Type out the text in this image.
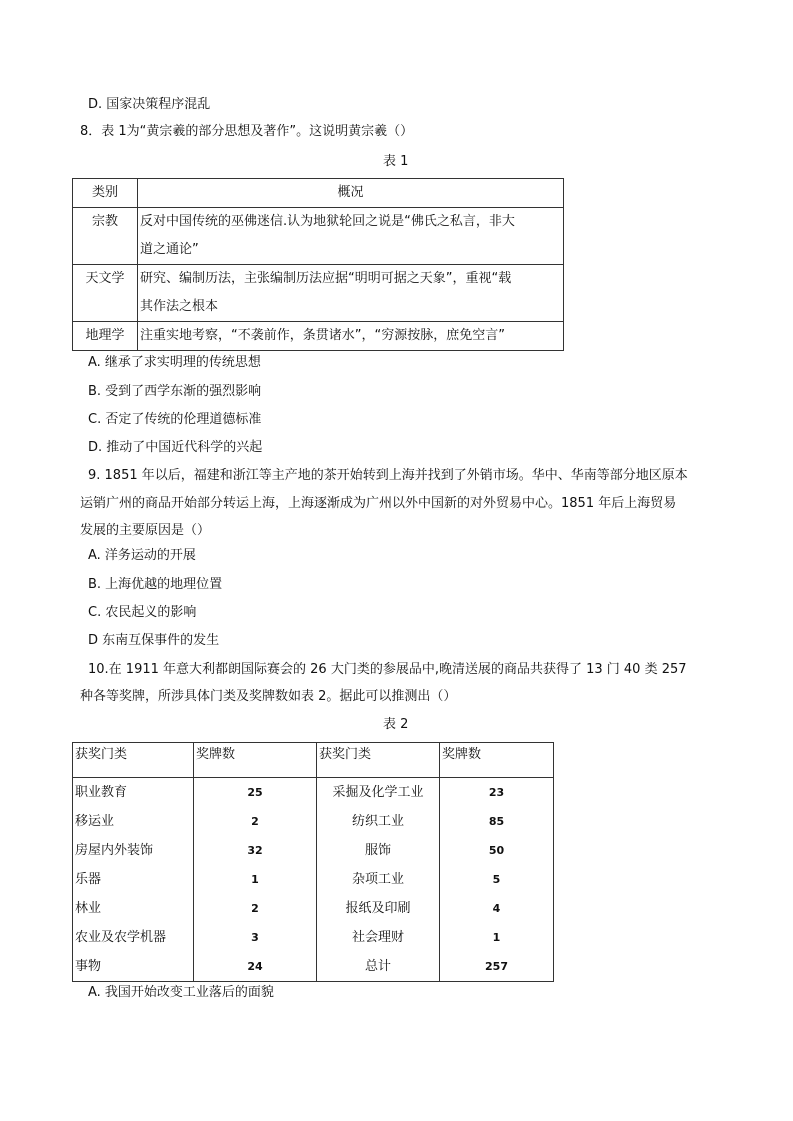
D. 国家决策程序混乱
8．表 1为“黄宗羲的部分思想及著作”。这说明黄宗羲（）
表 1
类别	概况
宗教	反对中国传统的巫佛迷信.认为地狱轮回之说是“佛氏之私言，非大
道之通论”

天文学	研究、编制历法，主张编制历法应据“明明可据之天象”，重视“载
其作法之根本

地理学	注重实地考察，“不袭前作，条贯诸水”，“穷源按脉，庶免空言”
A. 继承了求实明理的传统思想
B. 受到了西学东渐的强烈影响
C. 否定了传统的伦理道德标准
D. 推动了中国近代科学的兴起
9. 1851 年以后，福建和浙江等主产地的茶开始转到上海并找到了外销市场。华中、华南等部分地区原本
运销广州的商品开始部分转运上海，上海逐渐成为广州以外中国新的对外贸易中心。1851 年后上海贸易
发展的主要原因是（）
A. 洋务运动的开展
B. 上海优越的地理位置
C. 农民起义的影响
D 东南互保事件的发生
10.在 1911 年意大利都朗国际赛会的 26 大门类的参展品中,晚清送展的商品共获得了 13 门 40 类 257
种各等奖牌，所涉具体门类及奖牌数如表 2。据此可以推测出（）
表 2
获奖门类	奖牌数	获奖门类	奖牌数
职业教育	25	采掘及化学工业	23
移运业	2	纺织工业	85
房屋内外装饰	32	服饰	50
乐器	1	杂项工业	5
林业	2	报纸及印刷	4
农业及农学机器	3	社会理财	1
事物	24	总计	257
A. 我国开始改变工业落后的面貌
